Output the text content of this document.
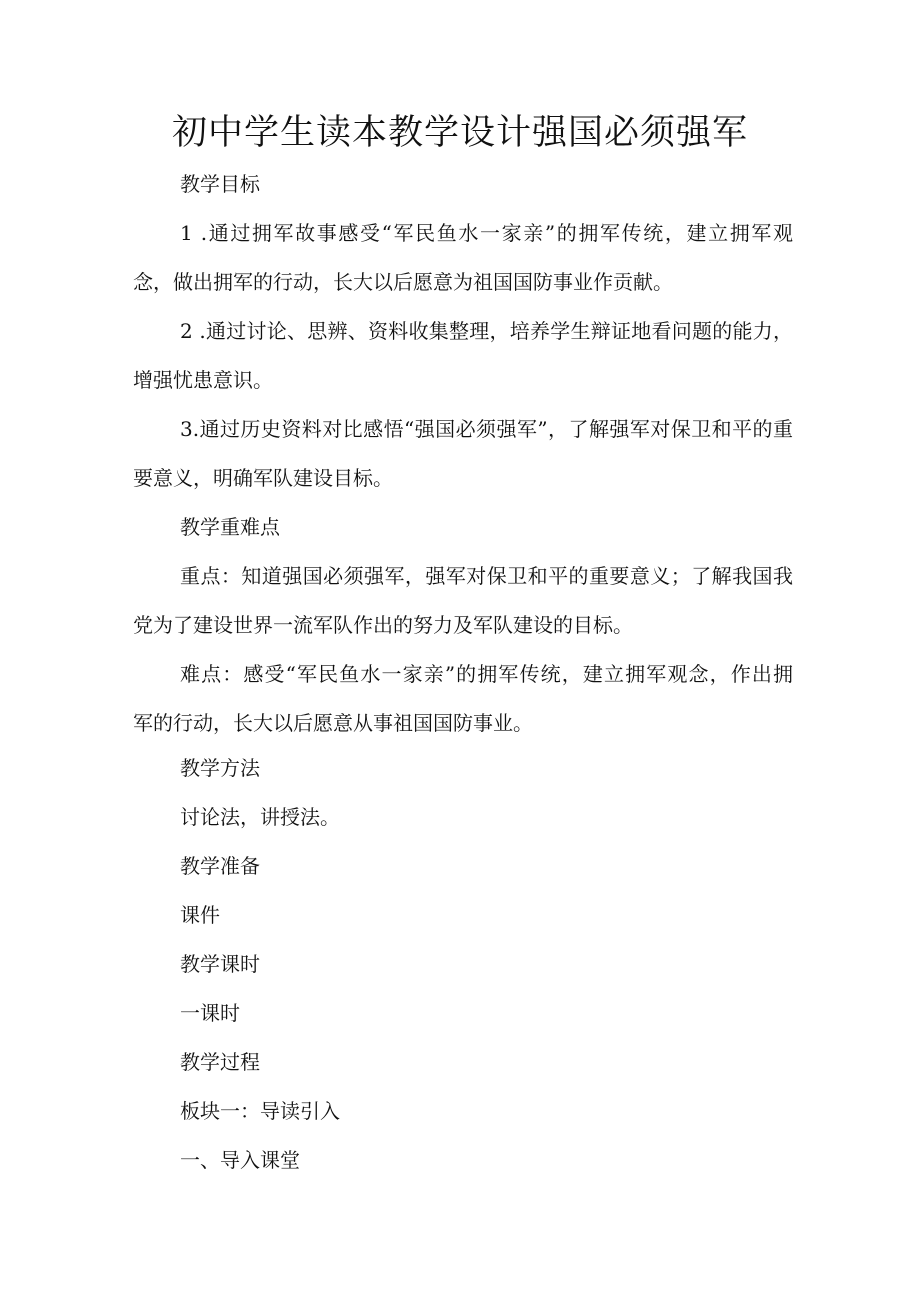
初中学生读本教学设计强国必须强军
教学目标
1 .通过拥军故事感受“军民鱼水一家亲”的拥军传统，建立拥军观
念，做出拥军的行动，长大以后愿意为祖国国防事业作贡献。
2 .通过讨论、思辨、资料收集整理，培养学生辩证地看问题的能力，
增强忧患意识。
3.通过历史资料对比感悟“强国必须强军”，了解强军对保卫和平的重
要意义，明确军队建设目标。
教学重难点
重点：知道强国必须强军，强军对保卫和平的重要意义；了解我国我
党为了建设世界一流军队作出的努力及军队建设的目标。
难点：感受“军民鱼水一家亲”的拥军传统，建立拥军观念，作出拥
军的行动，长大以后愿意从事祖国国防事业。
教学方法
讨论法，讲授法。
教学准备
课件
教学课时
一课时
教学过程
板块一：导读引入
一、导入课堂
